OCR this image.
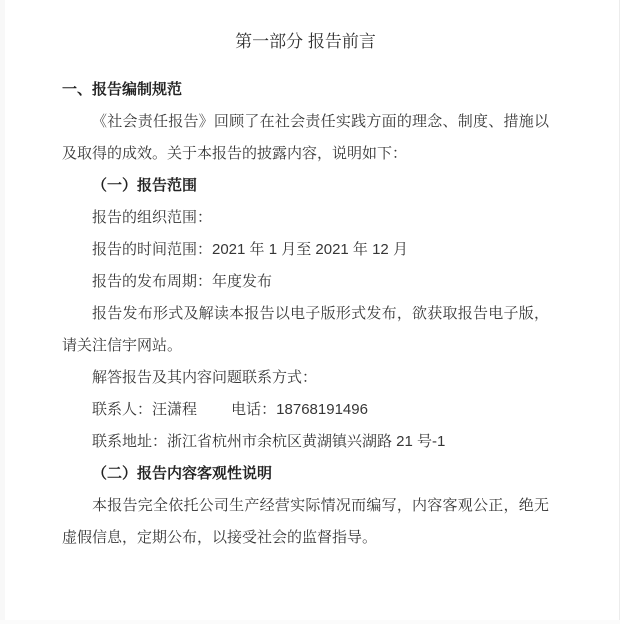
第一部分 报告前言
一、报告编制规范
《社会责任报告》回顾了在社会责任实践方面的理念、制度、措施以及取得的成效。关于本报告的披露内容，说明如下：
（一）报告范围
报告的组织范围：
报告的时间范围：2021 年 1 月至 2021 年 12 月
报告的发布周期：年度发布
报告发布形式及解读本报告以电子版形式发布，欲获取报告电子版，请关注信宇网站。
解答报告及其内容问题联系方式：
联系人：汪潇程　　 电话：18768191496
联系地址：浙江省杭州市余杭区黄湖镇兴湖路 21 号-1
（二）报告内容客观性说明
本报告完全依托公司生产经营实际情况而编写，内容客观公正，绝无虚假信息，定期公布，以接受社会的监督指导。
